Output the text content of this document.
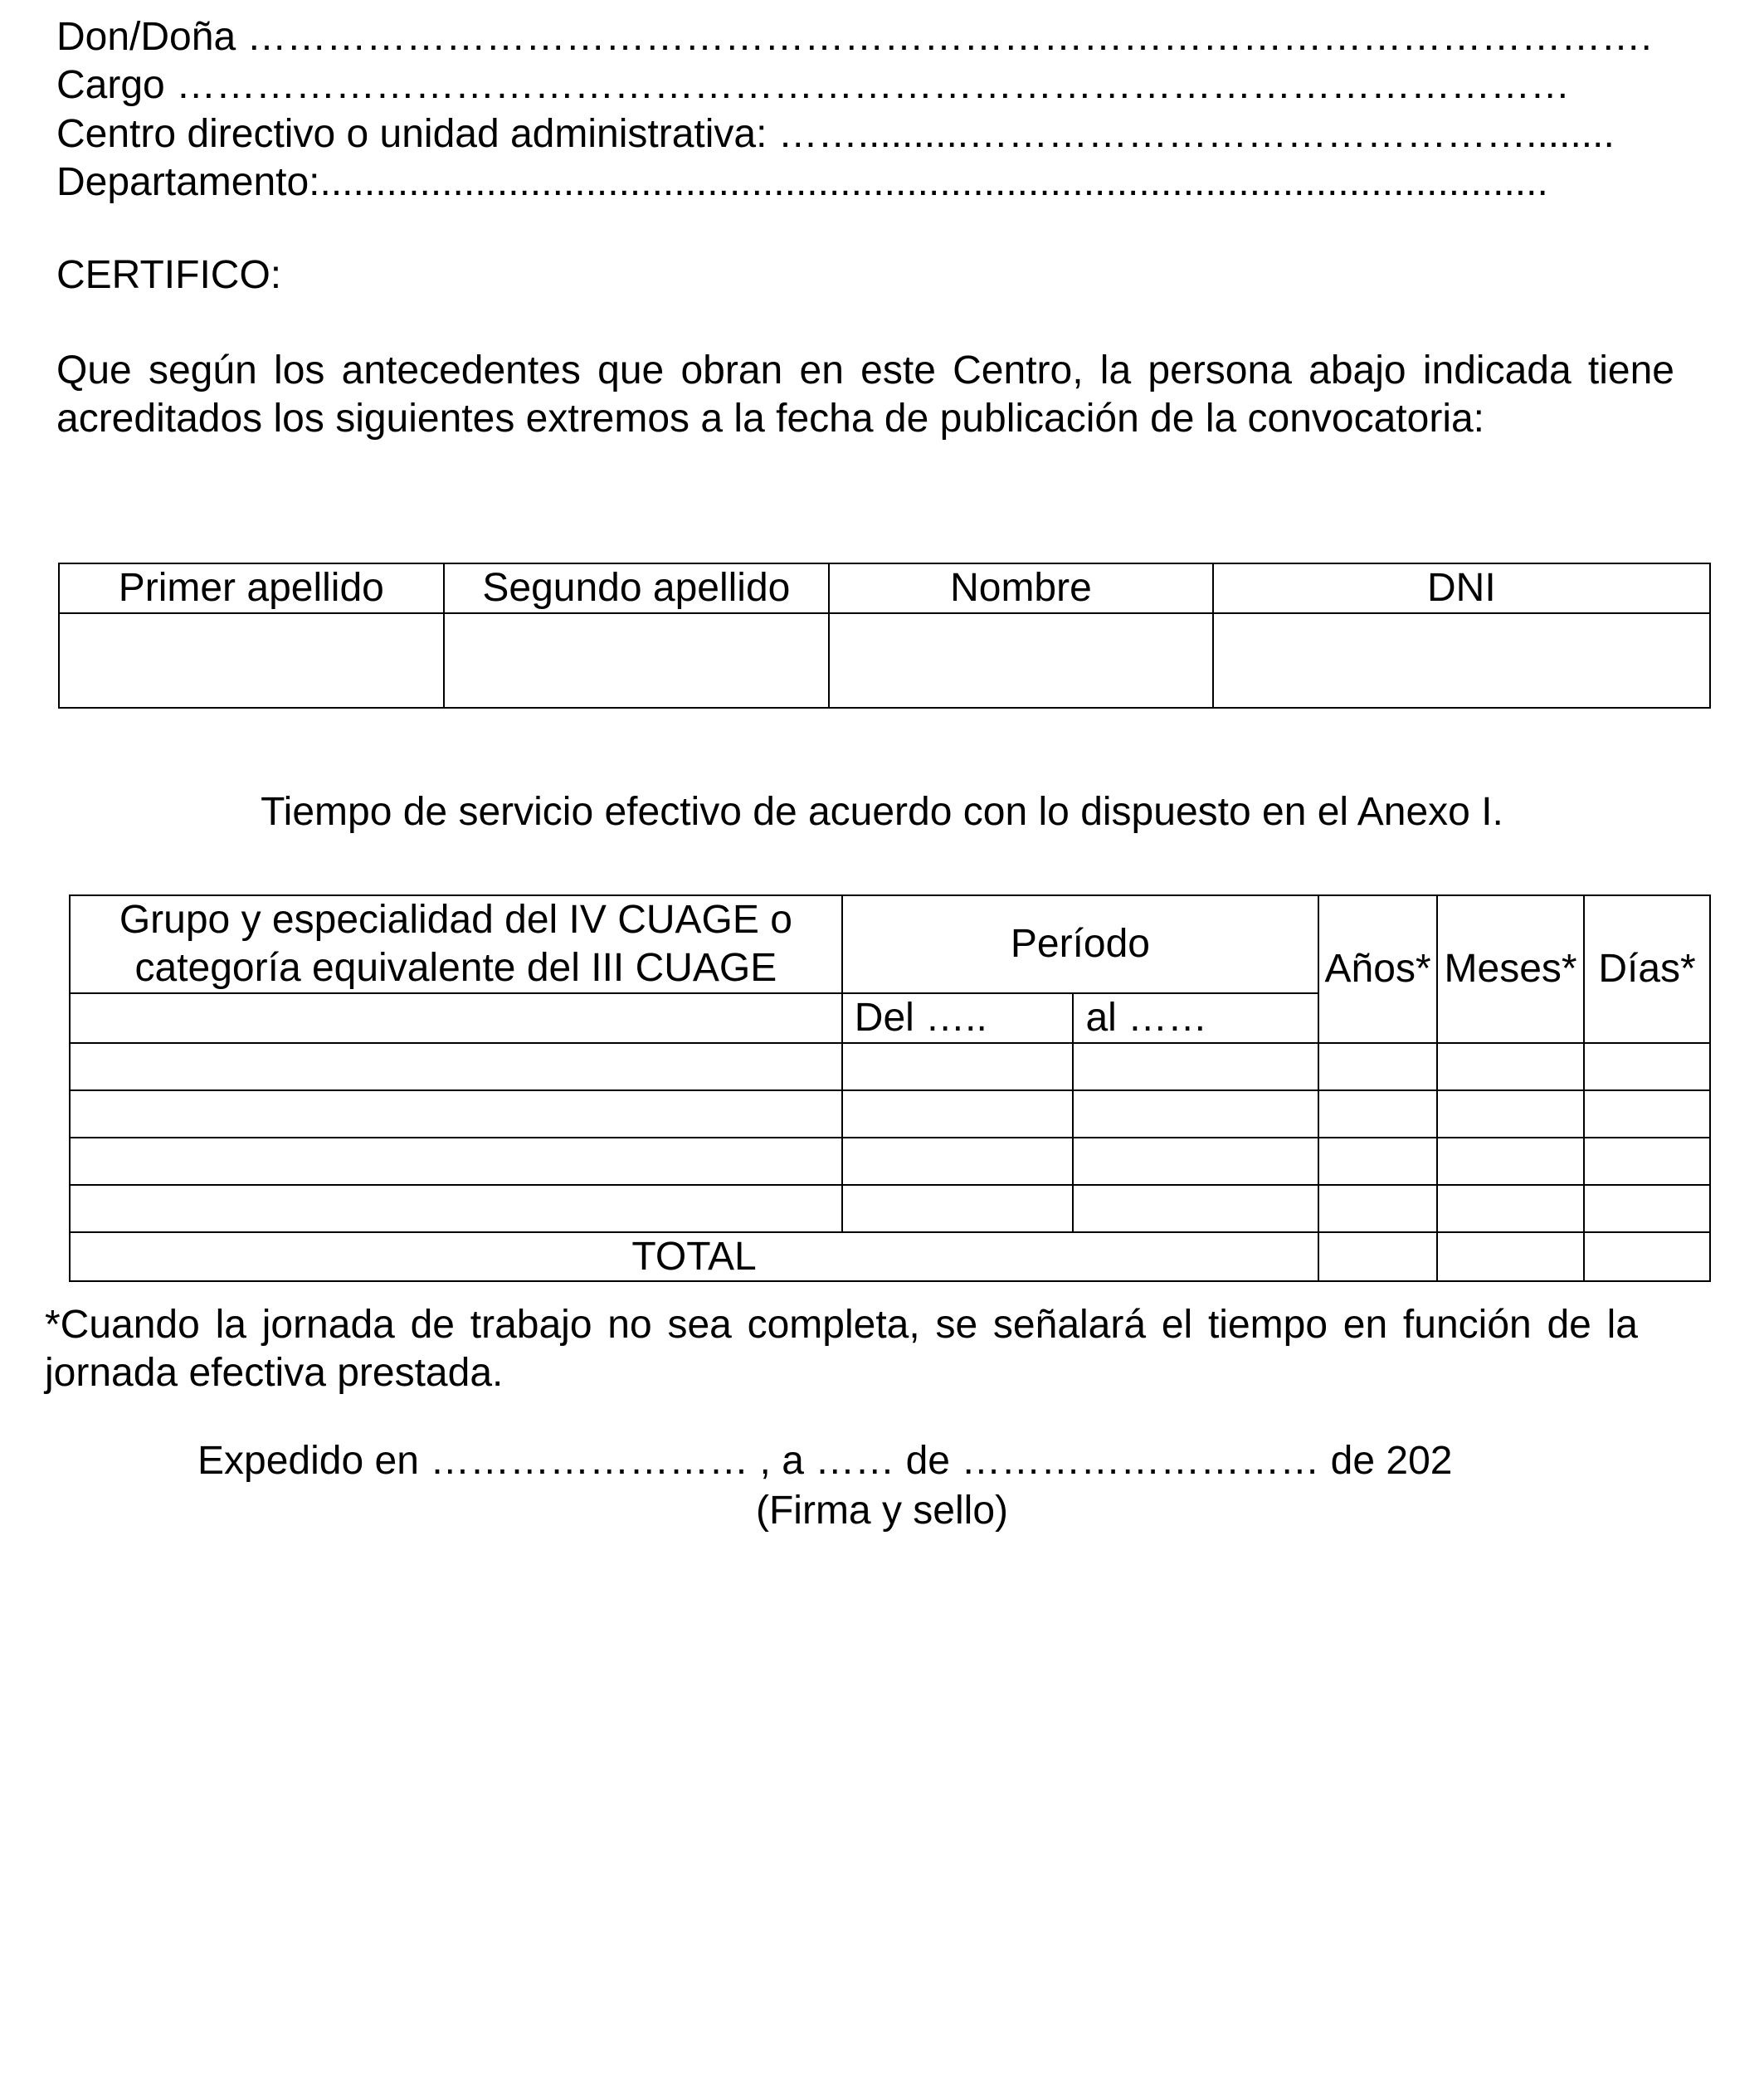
Don/Doña …………………………………………………………………………………………….
Cargo ……………………………………………………………………………………………
Centro directivo o unidad administrativa: ……..........……………………………………........
Departamento:...............................................................................................................
CERTIFICO:
Que según los antecedentes que obran en este Centro, la persona abajo indicada tiene acreditados los siguientes extremos a la fecha de publicación de la convocatoria:
Primer apellido	Segundo apellido	Nombre	DNI

Tiempo de servicio efectivo de acuerdo con lo dispuesto en el Anexo I.
Grupo y especialidad del IV CUAGE o categoría equivalente del III CUAGE	Período		Años*	Meses*	Días*
	Del …..	al ……			

TOTAL					
*Cuando la jornada de trabajo no sea completa, se señalará el tiempo en función de la jornada efectiva prestada.
Expedido en …………………… , a …… de ……………………… de 202
(Firma y sello)
